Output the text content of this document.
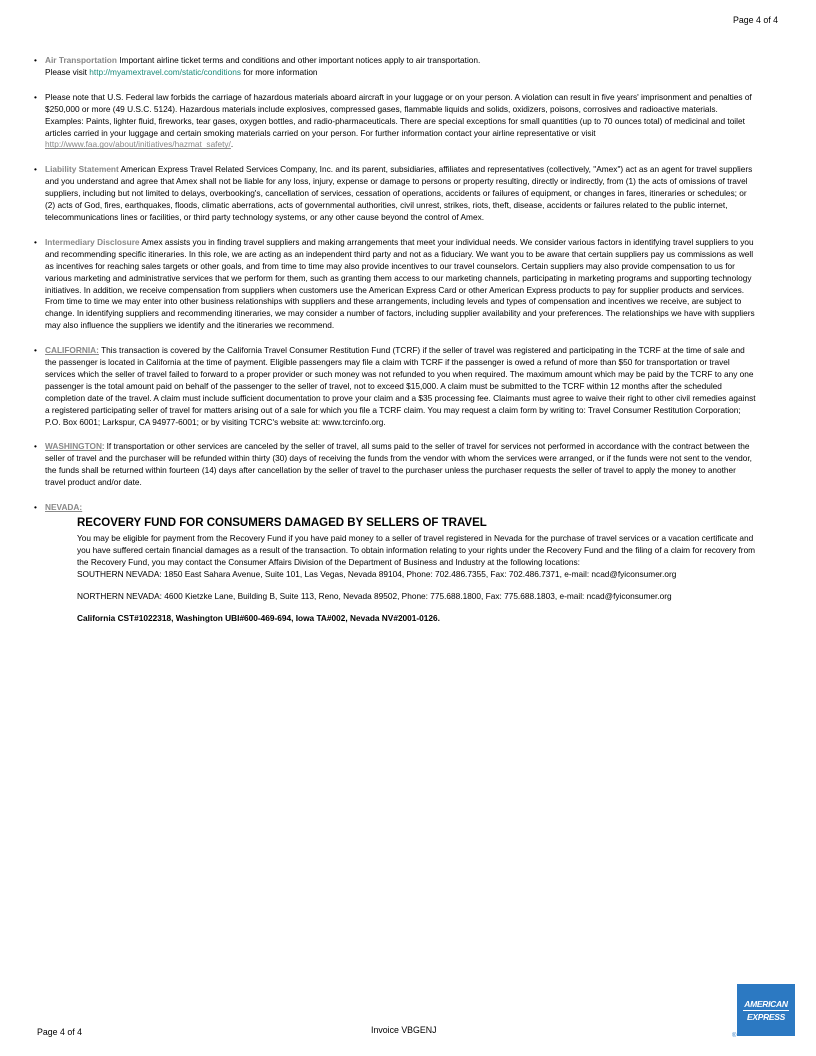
Page 4 of 4
• Air Transportation Important airline ticket terms and conditions and other important notices apply to air transportation.
Please visit http://myamextravel.com/static/conditions for more information
• Please note that U.S. Federal law forbids the carriage of hazardous materials aboard aircraft in your luggage or on your person. A violation can result in five years' imprisonment and penalties of $250,000 or more (49 U.S.C. 5124). Hazardous materials include explosives, compressed gases, flammable liquids and solids, oxidizers, poisons, corrosives and radioactive materials. Examples: Paints, lighter fluid, fireworks, tear gases, oxygen bottles, and radio-pharmaceuticals. There are special exceptions for small quantities (up to 70 ounces total) of medicinal and toilet articles carried in your luggage and certain smoking materials carried on your person. For further information contact your airline representative or visit http://www.faa.gov/about/initiatives/hazmat_safety/.
• Liability Statement American Express Travel Related Services Company, Inc. and its parent, subsidiaries, affiliates and representatives (collectively, "Amex") act as an agent for travel suppliers and you understand and agree that Amex shall not be liable for any loss, injury, expense or damage to persons or property resulting, directly or indirectly, from (1) the acts of omissions of travel suppliers, including but not limited to delays, overbooking's, cancellation of services, cessation of operations, accidents or failures of equipment, or changes in fares, itineraries or schedules; or (2) acts of God, fires, earthquakes, floods, climatic aberrations, acts of governmental authorities, civil unrest, strikes, riots, theft, disease, accidents or failures related to the public internet, telecommunications lines or facilities, or third party technology systems, or any other cause beyond the control of Amex.
• Intermediary Disclosure Amex assists you in finding travel suppliers and making arrangements that meet your individual needs. We consider various factors in identifying travel suppliers to you and recommending specific itineraries. In this role, we are acting as an independent third party and not as a fiduciary. We want you to be aware that certain suppliers pay us commissions as well as incentives for reaching sales targets or other goals, and from time to time may also provide incentives to our travel counselors. Certain suppliers may also provide compensation to us for various marketing and administrative services that we perform for them, such as granting them access to our marketing channels, participating in marketing programs and supporting technology initiatives. In addition, we receive compensation from suppliers when customers use the American Express Card or other American Express products to pay for supplier products and services. From time to time we may enter into other business relationships with suppliers and these arrangements, including levels and types of compensation and incentives we receive, are subject to change. In identifying suppliers and recommending itineraries, we may consider a number of factors, including supplier availability and your preferences. The relationships we have with suppliers may also influence the suppliers we identify and the itineraries we recommend.
• CALIFORNIA: This transaction is covered by the California Travel Consumer Restitution Fund (TCRF) if the seller of travel was registered and participating in the TCRF at the time of sale and the passenger is located in California at the time of payment. Eligible passengers may file a claim with TCRF if the passenger is owed a refund of more than $50 for transportation or travel services which the seller of travel failed to forward to a proper provider or such money was not refunded to you when required. The maximum amount which may be paid by the TCRF to any one passenger is the total amount paid on behalf of the passenger to the seller of travel, not to exceed $15,000. A claim must be submitted to the TCRF within 12 months after the scheduled completion date of the travel. A claim must include sufficient documentation to prove your claim and a $35 processing fee. Claimants must agree to waive their right to other civil remedies against a registered participating seller of travel for matters arising out of a sale for which you file a TCRF claim. You may request a claim form by writing to: Travel Consumer Restitution Corporation; P.O. Box 6001; Larkspur, CA 94977-6001; or by visiting TCRC's website at: www.tcrcinfo.org.
• WASHINGTON: If transportation or other services are canceled by the seller of travel, all sums paid to the seller of travel for services not performed in accordance with the contract between the seller of travel and the purchaser will be refunded within thirty (30) days of receiving the funds from the vendor with whom the services were arranged, or if the funds were not sent to the vendor, the funds shall be returned within fourteen (14) days after cancellation by the seller of travel to the purchaser unless the purchaser requests the seller of travel to apply the money to another travel product and/or date.
• NEVADA:
RECOVERY FUND FOR CONSUMERS DAMAGED BY SELLERS OF TRAVEL

You may be eligible for payment from the Recovery Fund if you have paid money to a seller of travel registered in Nevada for the purchase of travel services or a vacation certificate and you have suffered certain financial damages as a result of the transaction. To obtain information relating to your rights under the Recovery Fund and the filing of a claim for recovery from the Recovery Fund, you may contact the Consumer Affairs Division of the Department of Business and Industry at the following locations:

SOUTHERN NEVADA: 1850 East Sahara Avenue, Suite 101, Las Vegas, Nevada 89104, Phone: 702.486.7355, Fax: 702.486.7371, e-mail: ncad@fyiconsumer.org

NORTHERN NEVADA: 4600 Kietzke Lane, Building B, Suite 113, Reno, Nevada 89502, Phone: 775.688.1800, Fax: 775.688.1803, e-mail: ncad@fyiconsumer.org

California CST#1022318, Washington UBI#600-469-694, Iowa TA#002, Nevada NV#2001-0126.

Page 4 of 4	Invoice VBGENJ
AMERICAN
EXPRESS
®
